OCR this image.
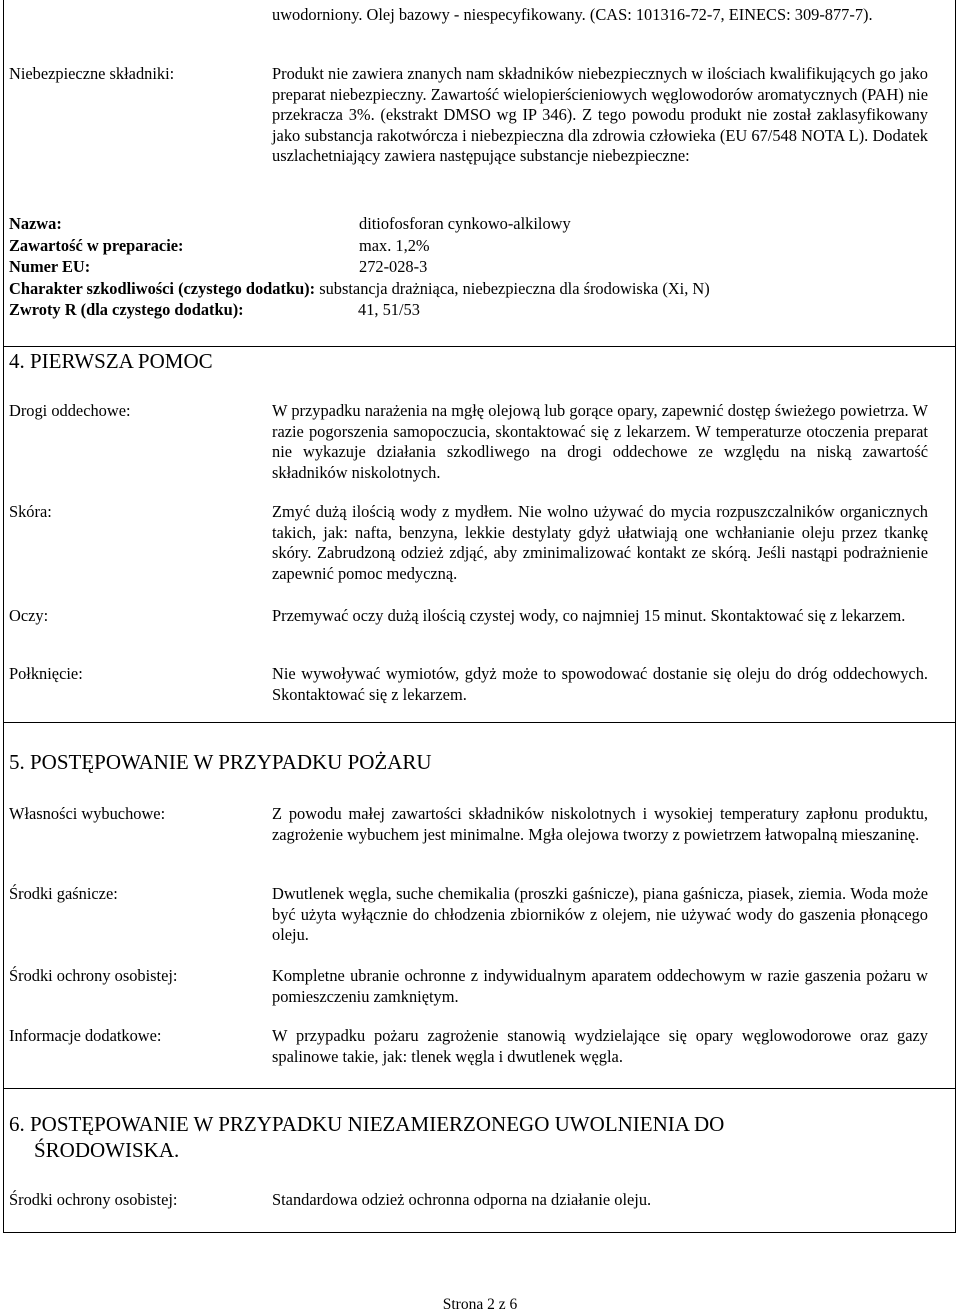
uwodorniony. Olej bazowy - niespecyfikowany. (CAS: 101316-72-7, EINECS: 309-877-7).
Niebezpieczne składniki:	Produkt nie zawiera znanych nam składników niebezpiecznych w ilościach kwalifikujących go jako preparat niebezpieczny. Zawartość wielopierścieniowych węglowodorów aromatycznych (PAH) nie przekracza 3%. (ekstrakt DMSO wg IP 346). Z tego powodu produkt nie został zaklasyfikowany jako substancja rakotwórcza i niebezpieczna dla zdrowia człowieka (EU 67/548 NOTA L). Dodatek uszlachetniający zawiera następujące substancje niebezpieczne:
Nazwa:	ditiofosforan cynkowo-alkilowy
Zawartość w preparacie:	max. 1,2%
Numer EU:	272-028-3
Charakter szkodliwości (czystego dodatku): substancja drażniąca, niebezpieczna dla środowiska (Xi, N)
Zwroty R (dla czystego dodatku):	41, 51/53
4. PIERWSZA POMOC
Drogi oddechowe:	W przypadku narażenia na mgłę olejową lub gorące opary, zapewnić dostęp świeżego powietrza. W razie pogorszenia samopoczucia, skontaktować się z lekarzem. W temperaturze otoczenia preparat nie wykazuje działania szkodliwego na drogi oddechowe ze względu na niską zawartość składników niskolotnych.
Skóra:	Zmyć dużą ilością wody z mydłem. Nie wolno używać do mycia rozpuszczalników organicznych takich, jak: nafta, benzyna, lekkie destylaty gdyż ułatwiają one wchłanianie oleju przez tkankę skóry. Zabrudzoną odzież zdjąć, aby zminimalizować kontakt ze skórą. Jeśli nastąpi podrażnienie zapewnić pomoc medyczną.
Oczy:	Przemywać oczy dużą ilością czystej wody, co najmniej 15 minut. Skontaktować się z lekarzem.
Połknięcie:	Nie wywoływać wymiotów, gdyż może to spowodować dostanie się oleju do dróg oddechowych. Skontaktować się z lekarzem.
5. POSTĘPOWANIE W PRZYPADKU POŻARU
Własności wybuchowe:	Z powodu małej zawartości składników niskolotnych i wysokiej temperatury zapłonu produktu, zagrożenie wybuchem jest minimalne. Mgła olejowa tworzy z powietrzem łatwopalną mieszaninę.
Środki gaśnicze:	Dwutlenek węgla, suche chemikalia (proszki gaśnicze), piana gaśnicza, piasek, ziemia. Woda może być użyta wyłącznie do chłodzenia zbiorników z olejem, nie używać wody do gaszenia płonącego oleju.
Środki ochrony osobistej:	Kompletne ubranie ochronne z indywidualnym aparatem oddechowym w razie gaszenia pożaru w pomieszczeniu zamkniętym.
Informacje dodatkowe:	W przypadku pożaru zagrożenie stanowią wydzielające się opary węglowodorowe oraz gazy spalinowe takie, jak: tlenek węgla i dwutlenek węgla.
6. POSTĘPOWANIE W PRZYPADKU NIEZAMIERZONEGO UWOLNIENIA DO
ŚRODOWISKA.
Środki ochrony osobistej:	Standardowa odzież ochronna odporna na działanie oleju.
Strona 2 z 6
